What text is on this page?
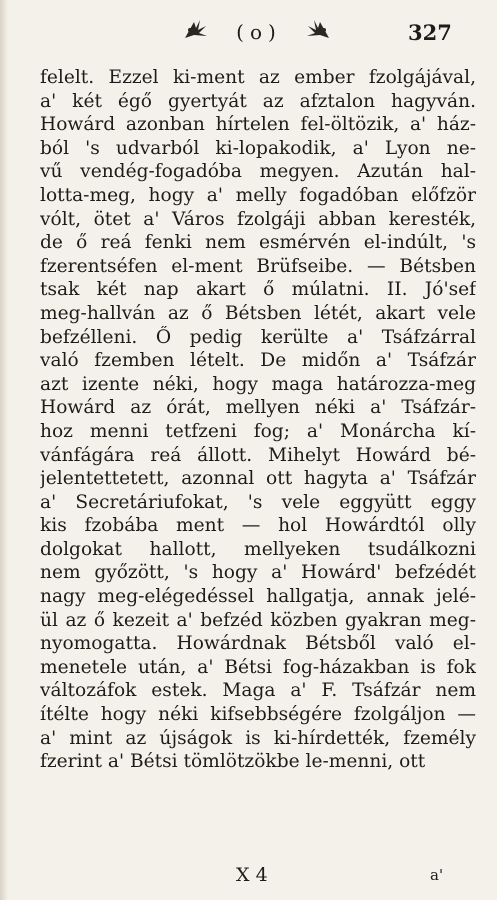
(o)	327
felelt. Ezzel ki-ment az ember fzolgájával,
a' két égő gyertyát az afztalon hagyván.
Howárd azonban hírtelen fel-öltözik, a' ház-
ból 's udvarból ki-lopakodik, a' Lyon ne-
vű vendég-fogadóba megyen. Azután hal-
lotta-meg, hogy a' melly fogadóban előfzör
vólt, ötet a' Város fzolgáji abban keresték,
de ő reá fenki nem esmérvén el-indúlt, 's
fzerentséfen el-ment Brüfseibe. — Bétsben
tsak két nap akart ő múlatni. II. Jó'sef
meg-hallván az ő Bétsben létét, akart vele
befzélleni. Ő pedig kerülte a' Tsáfzárral
való fzemben lételt. De midőn a' Tsáfzár
azt izente néki, hogy maga határozza-meg
Howárd az órát, mellyen néki a' Tsáfzár-
hoz menni tetfzeni fog; a' Monárcha kí-
vánfágára reá állott. Mihelyt Howárd bé-
jelentettetett, azonnal ott hagyta a' Tsáfzár
a' Secretáriufokat, 's vele eggyütt eggy
kis fzobába ment — hol Howárdtól olly
dolgokat hallott, mellyeken tsudálkozni
nem győzött, 's hogy a' Howárd' befzédét
nagy meg-elégedéssel hallgatja, annak jelé-
ül az ő kezeit a' befzéd közben gyakran meg-
nyomogatta. Howárdnak Bétsből való el-
menetele után, a' Bétsi fog-házakban is fok
változáfok estek. Maga a' F. Tsáfzár nem
ítélte hogy néki kifsebbségére fzolgáljon —
a' mint az újságok is ki-hírdették, fzemély
fzerint a' Bétsi tömlötzökbe le-menni, ott
X 4	a'
